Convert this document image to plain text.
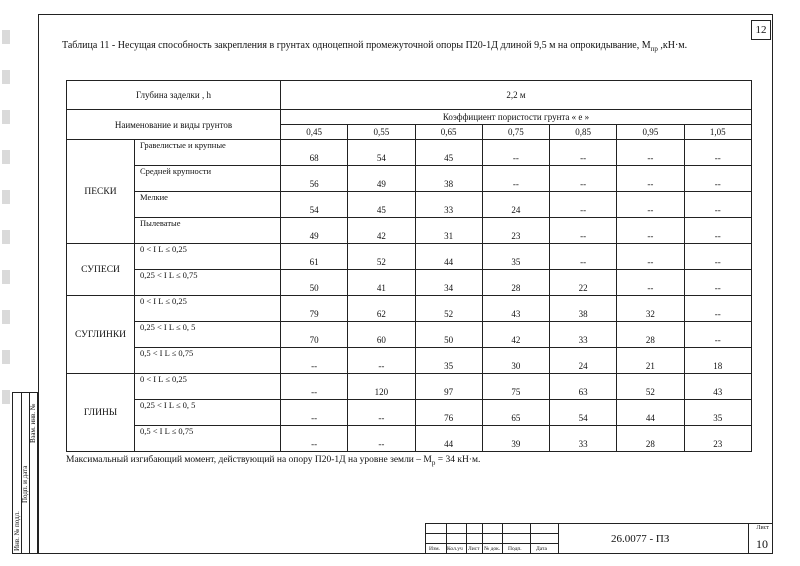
Инв. № подл.
Подп. и дата
Взам. инв. №
12
Таблица 11 - Несущая способность закрепления в грунтах одноцепной промежуточной опоры П20-1Д длиной 9,5 м на опрокидывание, $М_{пр}$ ,кН·м.
Глубина заделки , h		2,2 м						
Наименование и виды грунтов		Коэффициент пористости грунта « е »						
		0,45	0,55	0,65	0,75	0,85	0,95	1,05
ПЕСКИ	Гравелистые и крупные	68	54	45	--	--	--	--
	Средней крупности	56	49	38	--	--	--	--
	Мелкие	54	45	33	24	--	--	--
	Пылеватые	49	42	31	23	--	--	--
СУПЕСИ	0 < I L ≤ 0,25	61	52	44	35	--	--	--
	0,25 < I L ≤ 0,75	50	41	34	28	22	--	--
СУГЛИНКИ	0 < I L ≤ 0,25	79	62	52	43	38	32	--
	0,25 < I L ≤ 0, 5	70	60	50	42	33	28	--
	0,5 < I L ≤ 0,75	--	--	35	30	24	21	18
ГЛИНЫ	0 < I L ≤ 0,25	--	120	97	75	63	52	43
	0,25 < I L ≤ 0, 5	--	--	76	65	54	44	35
	0,5 < I L ≤ 0,75	--	--	44	39	33	28	23
Максимальный изгибающий момент, действующий на опору П20-1Д на уровне земли – $М_р = 34$ кН·м.
Изм. Кол.уч Лист № док. Подп.	Дата
26.0077 - ПЗ
Лист
10
